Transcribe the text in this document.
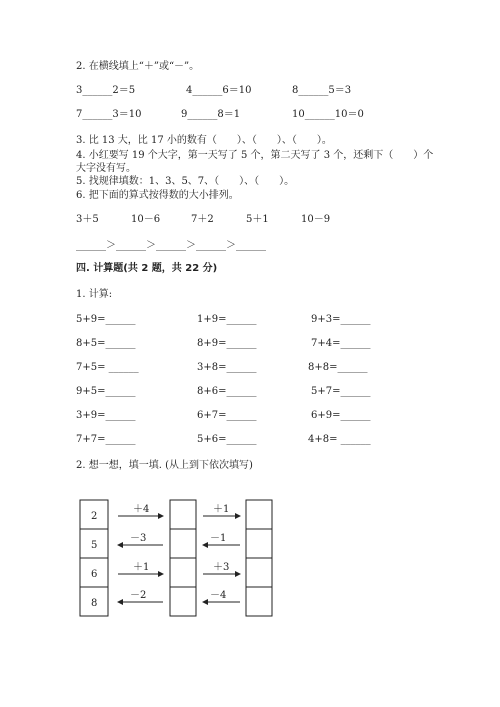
2. 在横线填上“＋”或“－”。
3______2＝5	4______6＝10	8______5＝3
7______3＝10	9______8＝1	10______10＝0
3. 比 13 大，比 17 小的数有（　　）、（　　）、（　　）。
4. 小红要写 19 个大字，第一天写了 5 个，第二天写了 3 个，还剩下（　　）个
大字没有写。
5. 找规律填数：1、3、5、7、（　　）、（　　）。
6. 把下面的算式按得数的大小排列。
3＋5	10－6	7＋2	5＋1	10－9
______＞______＞______＞______＞______
四. 计算题(共 2 题，共 22 分)
1. 计算:
5+9=______	1+9=______	9+3=______
8+5=______	8+9=______	7+4=______
7+5= ______	3+8=______	8+8=______
9+5=______	8+6=______	5+7=______
3+9=______	6+7=______	6+9=______
7+7=______	5+6=______	4+8= ______
2. 想一想，填一填. (从上到下依次填写)
2
5
6
8
＋4
－3
＋1
－2
＋1
－1
＋3
－4
